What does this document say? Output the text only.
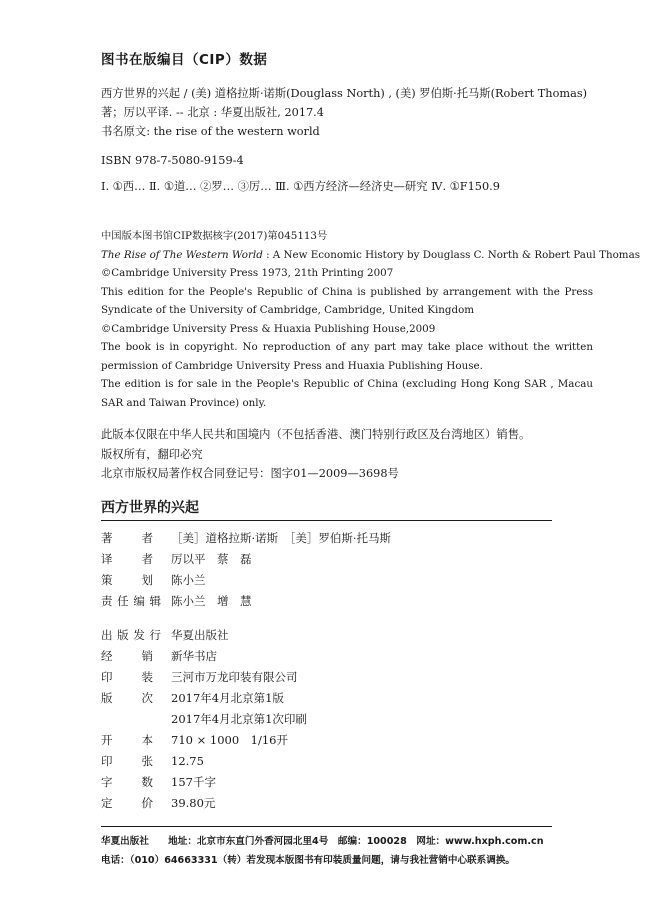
图书在版编目（CIP）数据
西方世界的兴起 / (美) 道格拉斯·诺斯(Douglass North) , (美) 罗伯斯·托马斯(Robert Thomas)
著；厉以平译. -- 北京 : 华夏出版社, 2017.4
书名原文: the rise of the western world
ISBN 978-7-5080-9159-4
Ⅰ. ①西… Ⅱ. ①道… ②罗… ③厉… Ⅲ. ①西方经济—经济史—研究 Ⅳ. ①F150.9
中国版本图书馆CIP数据核字(2017)第045113号
The Rise of The Western World : A New Economic History by Douglass C. North & Robert Paul Thomas
©Cambridge University Press 1973, 21th Printing 2007
This edition for the People's Republic of China is published by arrangement with the Press Syndicate of the University of Cambridge, Cambridge, United Kingdom
©Cambridge University Press & Huaxia Publishing House,2009
The book is in copyright. No reproduction of any part may take place without the written permission of Cambridge University Press and Huaxia Publishing House.
The edition is for sale in the People's Republic of China (excluding Hong Kong SAR , Macau SAR and Taiwan Province) only.
此版本仅限在中华人民共和国境内（不包括香港、澳门特别行政区及台湾地区）销售。
版权所有，翻印必究
北京市版权局著作权合同登记号：图字01—2009—3698号
西方世界的兴起
著	者 ［美］道格拉斯·诺斯　［美］罗伯斯·托马斯
译	者 厉以平　蔡　磊
策	划 陈小兰
责 任 编 辑 陈小兰　增　慧
出 版 发 行 华夏出版社
经	销 新华书店
印	装 三河市万龙印装有限公司
版	次 2017年4月北京第1版
2017年4月北京第1次印刷
开	本 710 × 1000　1/16开
印	张 12.75
字	数 157千字
定	价 39.80元
华夏出版社　　地址：北京市东直门外香河园北里4号　邮编：100028　网址：www.hxph.com.cn
电话：（010）64663331（转）若发现本版图书有印装质量问题，请与我社营销中心联系调换。
